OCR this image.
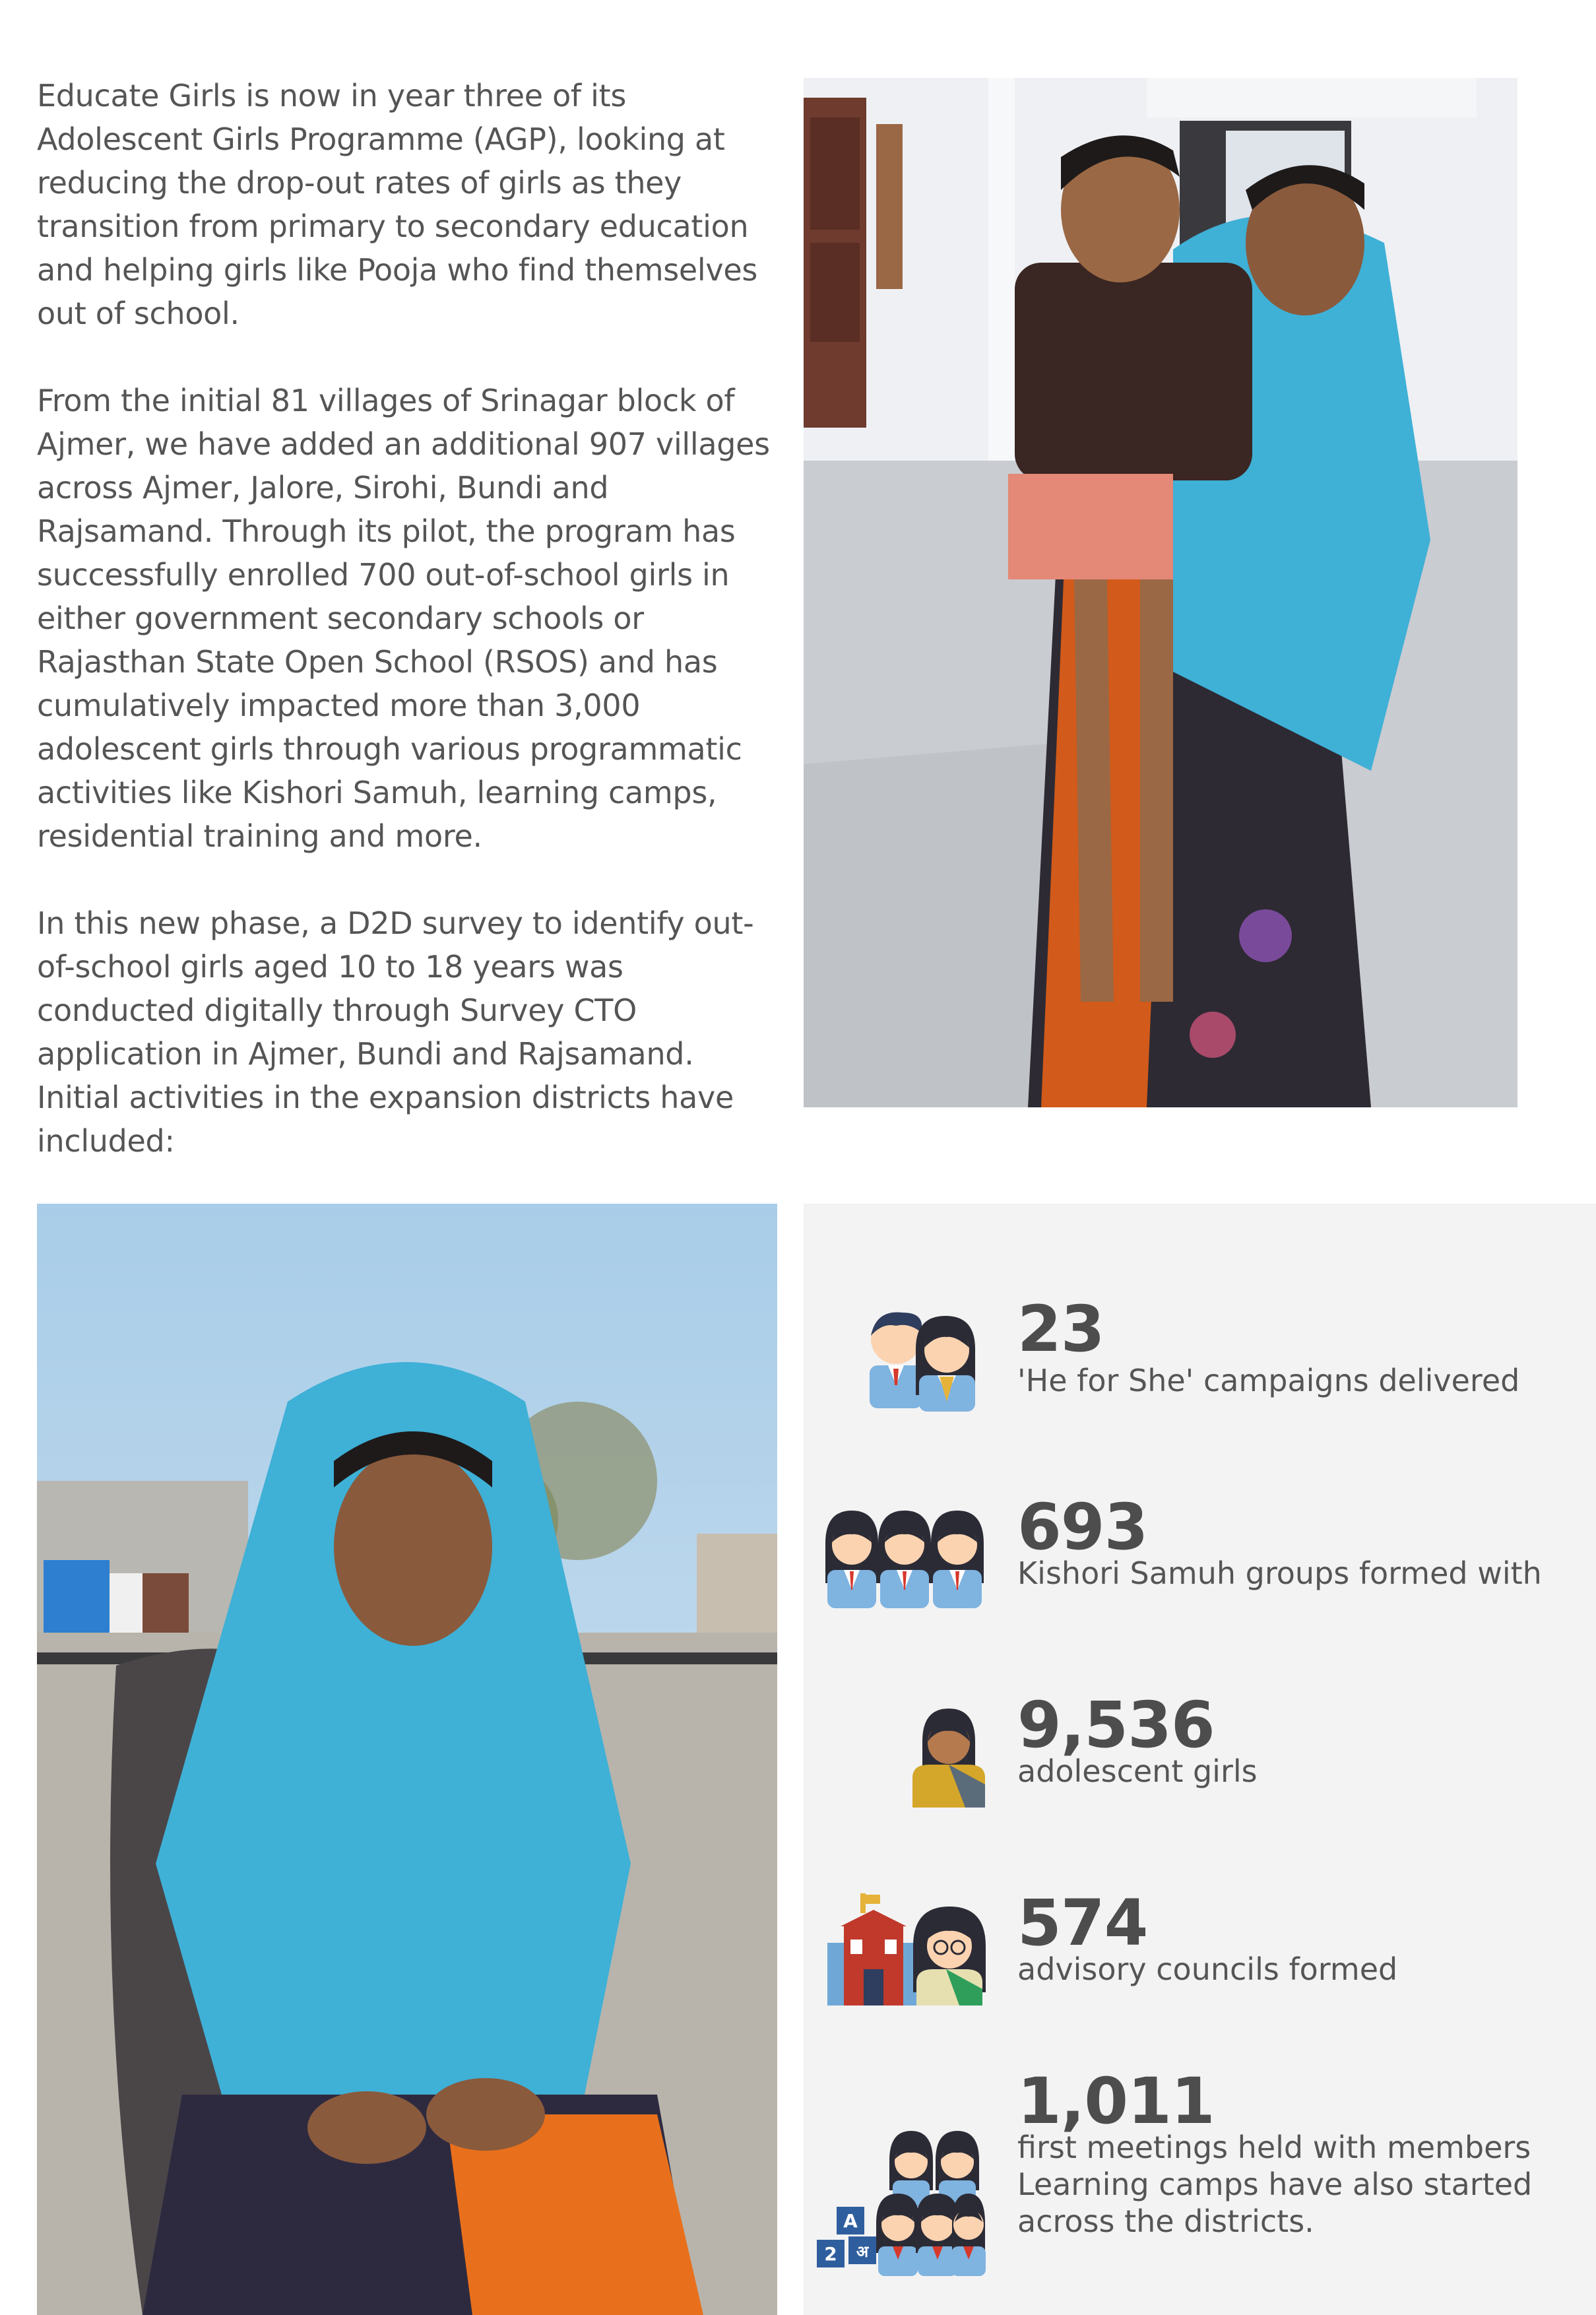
Educate Girls is now in year three of its Adolescent Girls Programme (AGP), looking at reducing the drop-out rates of girls as they transition from primary to secondary education and helping girls like Pooja who find themselves out of school.

From the initial 81 villages of Srinagar block of Ajmer, we have added an additional 907 villages across Ajmer, Jalore, Sirohi, Bundi and Rajsamand. Through its pilot, the program has successfully enrolled 700 out-of-school girls in either government secondary schools or Rajasthan State Open School (RSOS) and has cumulatively impacted more than 3,000 adolescent girls through various programmatic activities like Kishori Samuh, learning camps, residential training and more.

In this new phase, a D2D survey to identify out-of-school girls aged 10 to 18 years was conducted digitally through Survey CTO application in Ajmer, Bundi and Rajsamand. Initial activities in the expansion districts have included:

23
'He for She' campaigns delivered
693
Kishori Samuh groups formed with
9,536
adolescent girls
574
advisory councils formed
A
2 अ
1,011
first meetings held with members
Learning camps have also started
across the districts.
